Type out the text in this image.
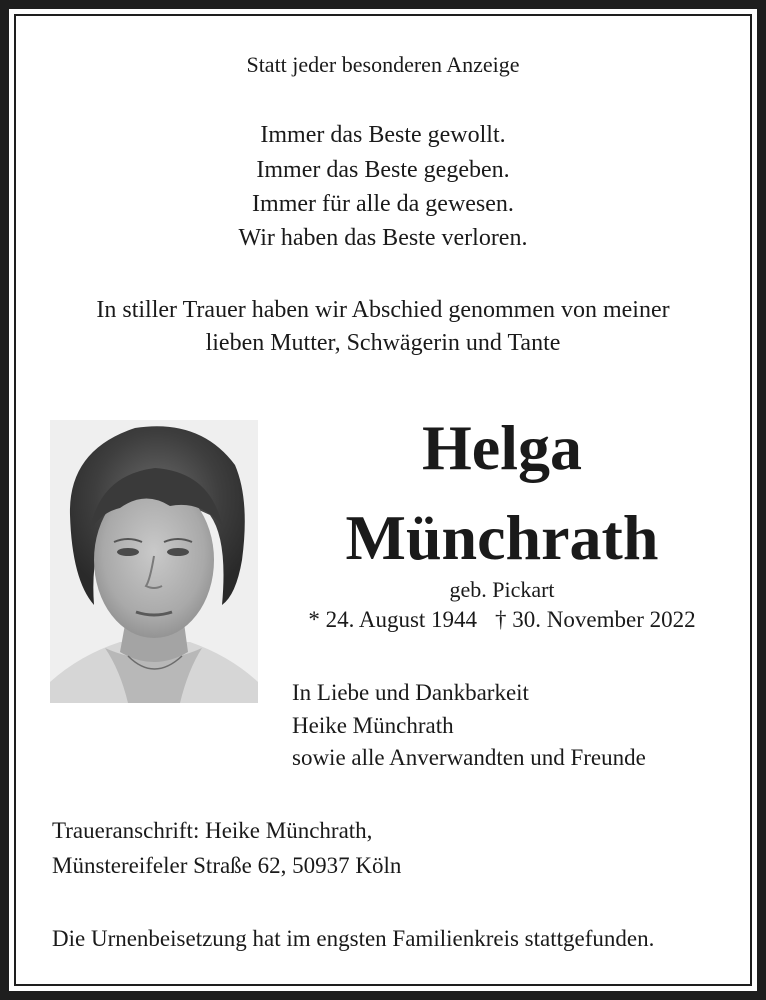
Statt jeder besonderen Anzeige
Immer das Beste gewollt.
Immer das Beste gegeben.
Immer für alle da gewesen.
Wir haben das Beste verloren.
In stiller Trauer haben wir Abschied genommen von meiner
lieben Mutter, Schwägerin und Tante
Helga
Münchrath
geb. Pickart
* 24. August 1944 † 30. November 2022
In Liebe und Dankbarkeit
Heike Münchrath
sowie alle Anverwandten und Freunde
Traueranschrift: Heike Münchrath,
Münstereifeler Straße 62, 50937 Köln
Die Urnenbeisetzung hat im engsten Familienkreis stattgefunden.
